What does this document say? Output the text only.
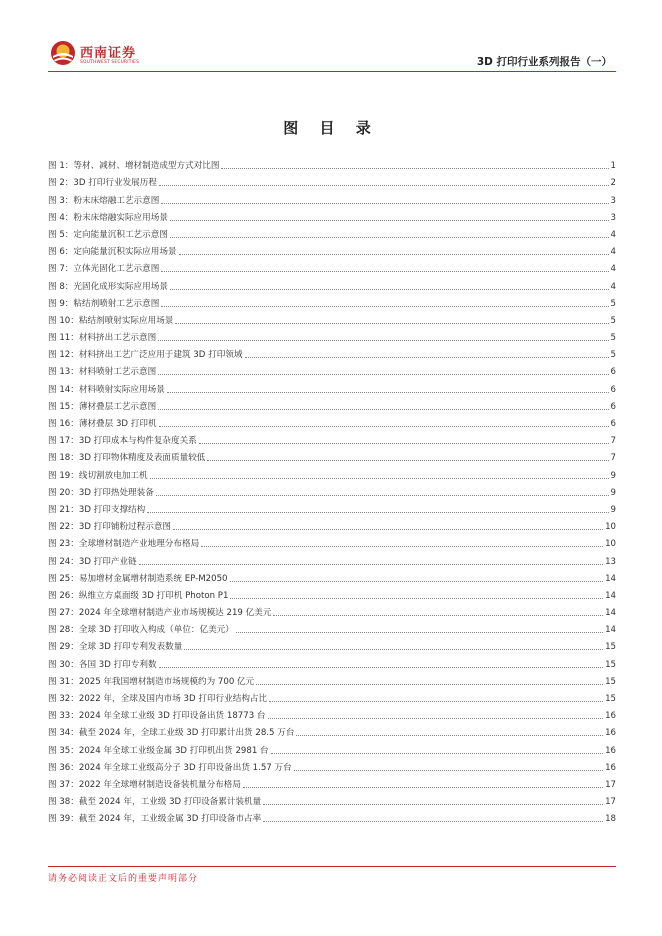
西南证券
SOUTHWEST SECURITIES	3D 打印行业系列报告（一）
图 目 录
图 1：等材、减材、增材制造成型方式对比图	1
图 2：3D 打印行业发展历程	2
图 3：粉末床熔融工艺示意图	3
图 4：粉末床熔融实际应用场景	3
图 5：定向能量沉积工艺示意图	4
图 6：定向能量沉积实际应用场景	4
图 7：立体光固化工艺示意图	4
图 8：光固化成形实际应用场景	4
图 9：粘结剂喷射工艺示意图	5
图 10：粘结剂喷射实际应用场景	5
图 11：材料挤出工艺示意图	5
图 12：材料挤出工艺广泛应用于建筑 3D 打印领域	5
图 13：材料喷射工艺示意图	6
图 14：材料喷射实际应用场景	6
图 15：薄材叠层工艺示意图	6
图 16：薄材叠层 3D 打印机	6
图 17：3D 打印成本与构件复杂度关系	7
图 18：3D 打印物体精度及表面质量较低	7
图 19：线切割放电加工机	9
图 20：3D 打印热处理装备	9
图 21：3D 打印支撑结构	9
图 22：3D 打印铺粉过程示意图	10
图 23：全球增材制造产业地理分布格局	10
图 24：3D 打印产业链	13
图 25：易加增材金属增材制造系统 EP-M2050	14
图 26：纵维立方桌面级 3D 打印机 Photon P1	14
图 27：2024 年全球增材制造产业市场规模达 219 亿美元	14
图 28：全球 3D 打印收入构成（单位：亿美元）	14
图 29：全球 3D 打印专利发表数量	15
图 30：各国 3D 打印专利数	15
图 31：2025 年我国增材制造市场规模约为 700 亿元	15
图 32：2022 年，全球及国内市场 3D 打印行业结构占比	15
图 33：2024 年全球工业级 3D 打印设备出货 18773 台	16
图 34：截至 2024 年，全球工业级 3D 打印累计出货 28.5 万台	16
图 35：2024 年全球工业级金属 3D 打印机出货 2981 台	16
图 36：2024 年全球工业级高分子 3D 打印设备出货 1.57 万台	16
图 37：2022 年全球增材制造设备装机量分布格局	17
图 38：截至 2024 年，工业级 3D 打印设备累计装机量	17
图 39：截至 2024 年，工业级金属 3D 打印设备市占率	18
请务必阅读正文后的重要声明部分
